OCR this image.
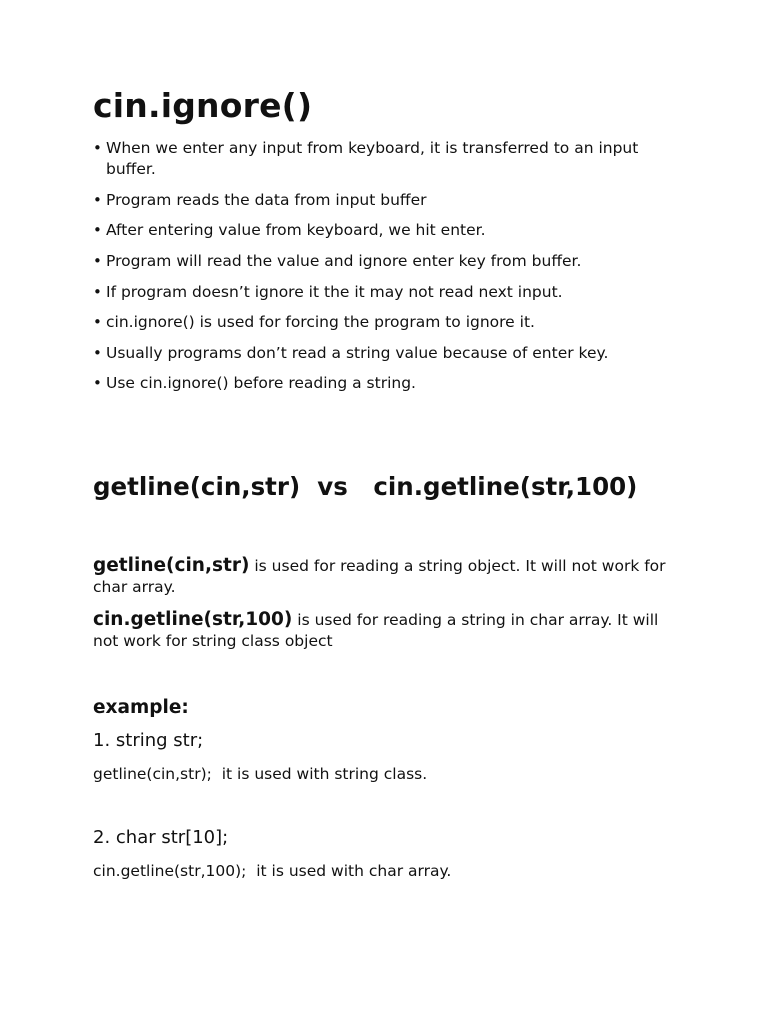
cin.ignore()
• When we enter any input from keyboard, it is transferred to an input buffer.
• Program reads the data from input buffer
• After entering value from keyboard, we hit enter.
• Program will read the value and ignore enter key from buffer.
• If program doesn’t ignore it the it may not read next input.
• cin.ignore() is used for forcing the program to ignore it.
• Usually programs don’t read a string value because of enter key.
• Use cin.ignore() before reading a string.
getline(cin,str)  vs   cin.getline(str,100)

getline(cin,str) is used for reading a string object. It will not work for char array.

cin.getline(str,100) is used for reading a string in char array. It will not work for string class object

example:

1. string str;

getline(cin,str);  it is used with string class.

2. char str[10];

cin.getline(str,100);  it is used with char array.
